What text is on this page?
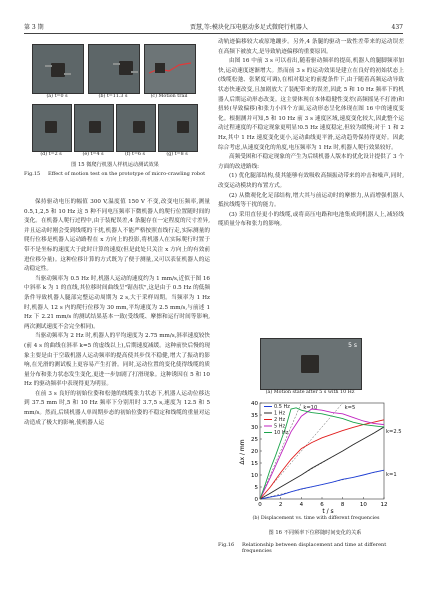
第 3 期	贾慧,等:模块化压电驱动多足式微爬行机器人	437
(a) t=0 s	(b) t=11.3 s	(c) Motion trail
(d) t=2 s	(e) t=4 s	(f) t=6 s	(g) t=8 s
图 15 微爬行机器人样机运动测试效果
Fig.15	Effect of motion test on the prototype of micro-crawling robot

保持驱动电压的幅值 300 V,温度值 150 V 不变,改变电压频率,测量 0.5,1,2,5 和 10 Hz 这 5 种不同电压频率下微机器人的爬行位置随时间的变化。在机器人爬行过程中,由于装配误差,4 条腿存在一定程度的尺寸差异,并且运动时刚会受到线缆的干扰,机器人不能严格按照直线行走,实际测量的爬行位移是机器人运动路程在 x 方向上的投影,将机器人在实际爬行时置于带不是坐标的速度大于此时计算的速度(但是此处只关注 x 方向上的有效前进位移分量)。这种位移计算的方式既为了便于测量,又可以表征机器人的运动稳定性。

当驱动频率为 0.5 Hz 时,机器人运动的速度约为 1 mm/s,近似于图 16 中斜率 k 为 1 的直线,其位移时间曲线呈"锯齿状",这是由于 0.5 Hz 的低频条件导致机器人腿部完整运动周期为 2 s,大于采样周期。当频率为 1 Hz 时,机器人 12 s 内的爬行位移为 30 mm,平均速度为 2.5 mm/s,与前述 1 Hz 下 2.21 mm/s 的测试结果基本一致(受线缆、摩擦和运行时间等影响,两次测试速度不会完全相同)。

当驱动频率为 2 Hz 时,机器人的平均速度为 2.75 mm/s,斜率速度较快(前 4 s 的曲线在斜率 k=5 的虚线以上),后期速度减缓。这种前快后慢的现象主要是由于空载机器人运动频率的提高使其步伐不稳健,增大了振动的影响,在光滑的测试板上更容易产生打滑。同时,运动位置的变化使得线缆的质量分布和张力状态发生变化,更进一步加剧了打滑现象。这种诱因在 5 和 10 Hz 的驱动频率中表现得更为明显。

在前 3 s 良好的初始位姿和松弛的线缆张力状态下,机器人运动位移达到 37.5 mm 时,5 和 10 Hz 频率下分别用时 3.7,5 s,速度为 12.5 和 5 mm/s。然而,后续机器人单周期步态的初始位姿的不稳定和线缆的重量对运动造成了极大的影响,使机器人运

动轨迹偏移较大或原地蹦步。另外,4 条腿的驱动一致性差带来的运动误差在高频下被放大,是导致轨迹偏移的重要原因。

由图 16 中前 3 s 可以看出,随着驱动频率的提高,机器人的腿脚频率加快,运动速度逐渐增大。然而前 3 s 的运动效果是建立在良好的初始状态上(线缆松弛、张紧度可调),在相对稳定的前提条件下,由于随着高频运动导致状态快速改变,且加剧放大了装配带来的误差,因此 5 和 10 Hz 频率下的机器人后期运动形态改变。这主要体现在本体稳健性变差(高频摇晃不打滑)和扭转(导致偏移)和张力小四个方面,运动形态呈化体现在图 16 中的速度变化。根据测并可知,5 和 10 Hz 前 3 s 速度区域,速度变化较大,因此整个运动过程速度的不稳定现象更明显!0.5 Hz 速度稳定,但较为缓慢;对于 1 和 2 Hz,其中 1 Hz 速度变化更小,运动曲线更平滑,运动趋势保持得更好。因此综合考虑,从速度变化的角度,电压频率为 1 Hz 时,机器人爬行效果较好。

高频受困和不稳定现象的产生为后续机器人版本的优化设计提供了 3 个方面的改进路线:

(1) 优化腿部结构,使其能够有效吸收高频振动带来的冲击和噪声,同时,改变运动模块的布置方式。

(2) 从微观化化足部结构,增大其与前运动时的摩擦力,从而增强机器人抵抗线缆等干扰的能力。

(3) 采用直径更小的线缆,或将高压电路和电池集成到机器人上,减轻线缆质量分布和张力的影响。

5 s
(a) Motion state after 5 s with 10 Hz
k=10	k=5
k=2.5
k=1
0	2	4	6	8	10 12
0
5
10
15
20
25
30
35
40	0.5 Hz
1 Hz
2 Hz
5 Hz
10 Hz
Δx / mm
t / s
(b) Displacement vs. time with different frequencies
图 16 不同频率下位移随时间变化的关系
Fig.16	Relationship between displacement and time at different frequencies
